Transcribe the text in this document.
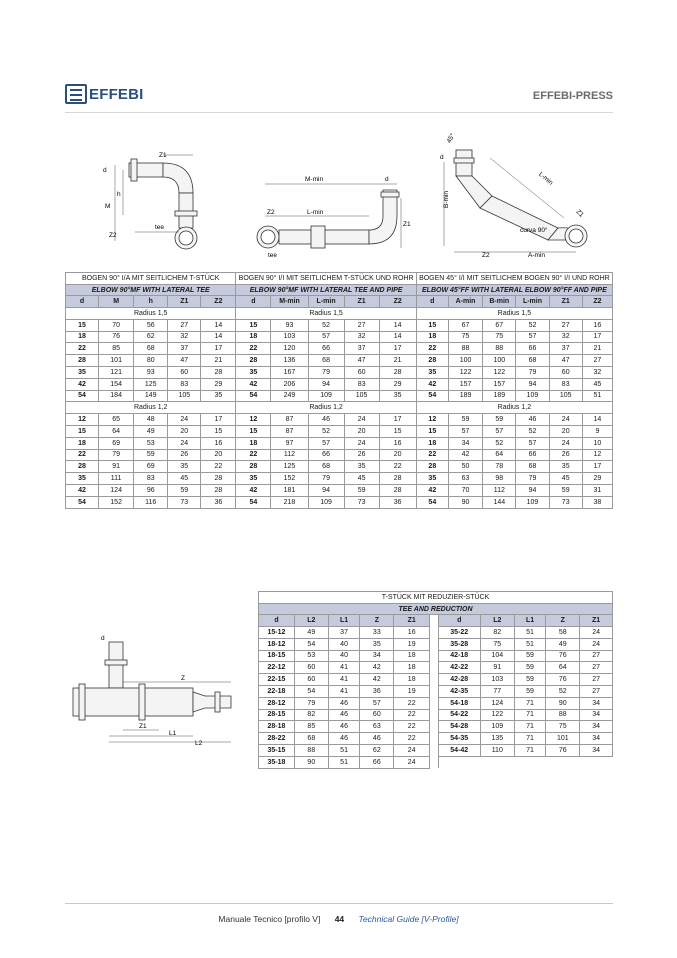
EFFEBI	EFFEBI-PRESS
Z1
d
h
M
Z2
tee
M-min	d
Z2	L-min
Z1
tee
45°
d
B-min
L-min
Z1
curva 90°
Z2	A-min
BOGEN 90° I/A MIT SEITLICHEM T-STÜCK					BOGEN 90° I/I MIT SEITLICHEM T-STÜCK UND ROHR					BOGEN 45° I/I MIT SEITLICHEM BOGEN 90° I/I UND ROHR					
ELBOW 90°MF WITH LATERAL TEE					ELBOW 90°MF WITH LATERAL TEE AND PIPE					ELBOW 45°FF WITH LATERAL ELBOW 90°FF AND PIPE					
d	M	h	Z1	Z2	d	M-min	L-min	Z1	Z2	d	A-min	B-min	L-min	Z1	Z2
Radius 1,5					Radius 1,5					Radius 1,5					
15	70	56	27	14	15	93	52	27	14	15	67	67	52	27	16
18	76	62	32	14	18	103	57	32	14	18	75	75	57	32	17
22	85	68	37	17	22	120	66	37	17	22	88	88	66	37	21
28	101	80	47	21	28	136	68	47	21	28	100	100	68	47	27
35	121	93	60	28	35	167	79	60	28	35	122	122	79	60	32
42	154	125	83	29	42	206	94	83	29	42	157	157	94	83	45
54	184	149	105	35	54	249	109	105	35	54	189	189	109	105	51
Radius 1,2					Radius 1,2					Radius 1,2					
12	65	48	24	17	12	87	46	24	17	12	59	59	46	24	14
15	64	49	20	15	15	87	52	20	15	15	57	57	52	20	9
18	69	53	24	16	18	97	57	24	16	18	34	52	57	24	10
22	79	59	26	20	22	112	66	26	20	22	42	64	66	26	12
28	91	69	35	22	28	125	68	35	22	28	50	78	68	35	17
35	111	83	45	28	35	152	79	45	28	35	63	98	79	45	29
42	124	96	59	28	42	181	94	59	28	42	70	112	94	59	31
54	152	116	73	36	54	218	109	73	36	54	90	144	109	73	38
d
Z
Z1
L1
L2
T-STÜCK MIT REDUZIER-STÜCK										
TEE AND REDUCTION										
d	L2	L1	Z	Z1		d	L2	L1	Z	Z1
15-12	49	37	33	16		35-22	82	51	58	24
18-12	54	40	35	19		35-28	75	51	49	24
18-15	53	40	34	18		42-18	104	59	76	27
22-12	60	41	42	18		42-22	91	59	64	27
22-15	60	41	42	18		42-28	103	59	76	27
22-18	54	41	36	19		42-35	77	59	52	27
28-12	79	46	57	22		54-18	124	71	90	34
28-15	82	46	60	22		54-22	122	71	88	34
28-18	85	46	63	22		54-28	109	71	75	34
28-22	68	46	46	22		54-35	135	71	101	34
35-15	88	51	62	24		54-42	110	71	76	34
35-18	90	51	66	24						
Manuale Tecnico [profilo V] 44 Technical Guide [V-Profile]
